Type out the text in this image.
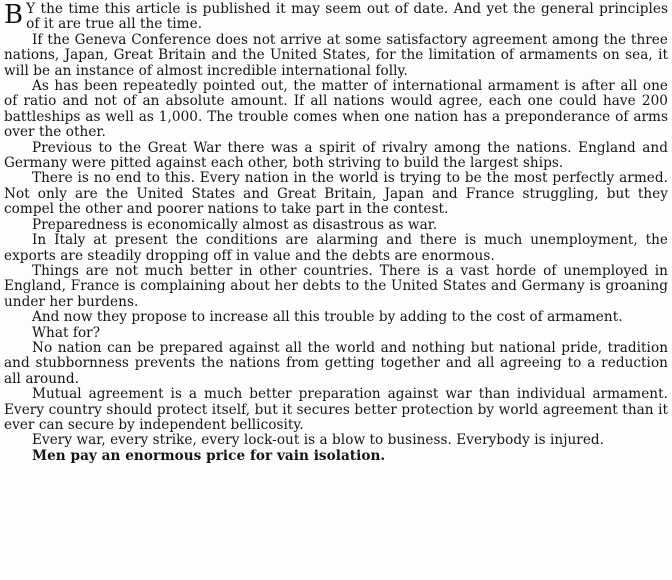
B Y the time this article is published it may seem out of date. And yet the general principles of it are true all the time.

If the Geneva Conference does not arrive at some satisfactory agreement among the three nations, Japan, Great Britain and the United States, for the limitation of armaments on sea, it will be an instance of almost incredible international folly.

As has been repeatedly pointed out, the matter of international armament is after all one of ratio and not of an absolute amount. If all nations would agree, each one could have 200 battleships as well as 1,000. The trouble comes when one nation has a preponderance of arms over the other.

Previous to the Great War there was a spirit of rivalry among the nations. England and Germany were pitted against each other, both striving to build the largest ships.

There is no end to this. Every nation in the world is trying to be the most perfectly armed. Not only are the United States and Great Britain, Japan and France struggling, but they compel the other and poorer nations to take part in the contest.

Preparedness is economically almost as disastrous as war.

In Italy at present the conditions are alarming and there is much unemployment, the exports are steadily dropping off in value and the debts are enormous.

Things are not much better in other countries. There is a vast horde of unemployed in England, France is complaining about her debts to the United States and Germany is groaning under her burdens.

And now they propose to increase all this trouble by adding to the cost of armament.

What for?

No nation can be prepared against all the world and nothing but national pride, tradition and stubbornness prevents the nations from getting together and all agreeing to a reduction all around.

Mutual agreement is a much better preparation against war than individual armament. Every country should protect itself, but it secures better protection by world agreement than it ever can secure by independent bellicosity.

Every war, every strike, every lock-out is a blow to business. Everybody is injured.

Men pay an enormous price for vain isolation.
